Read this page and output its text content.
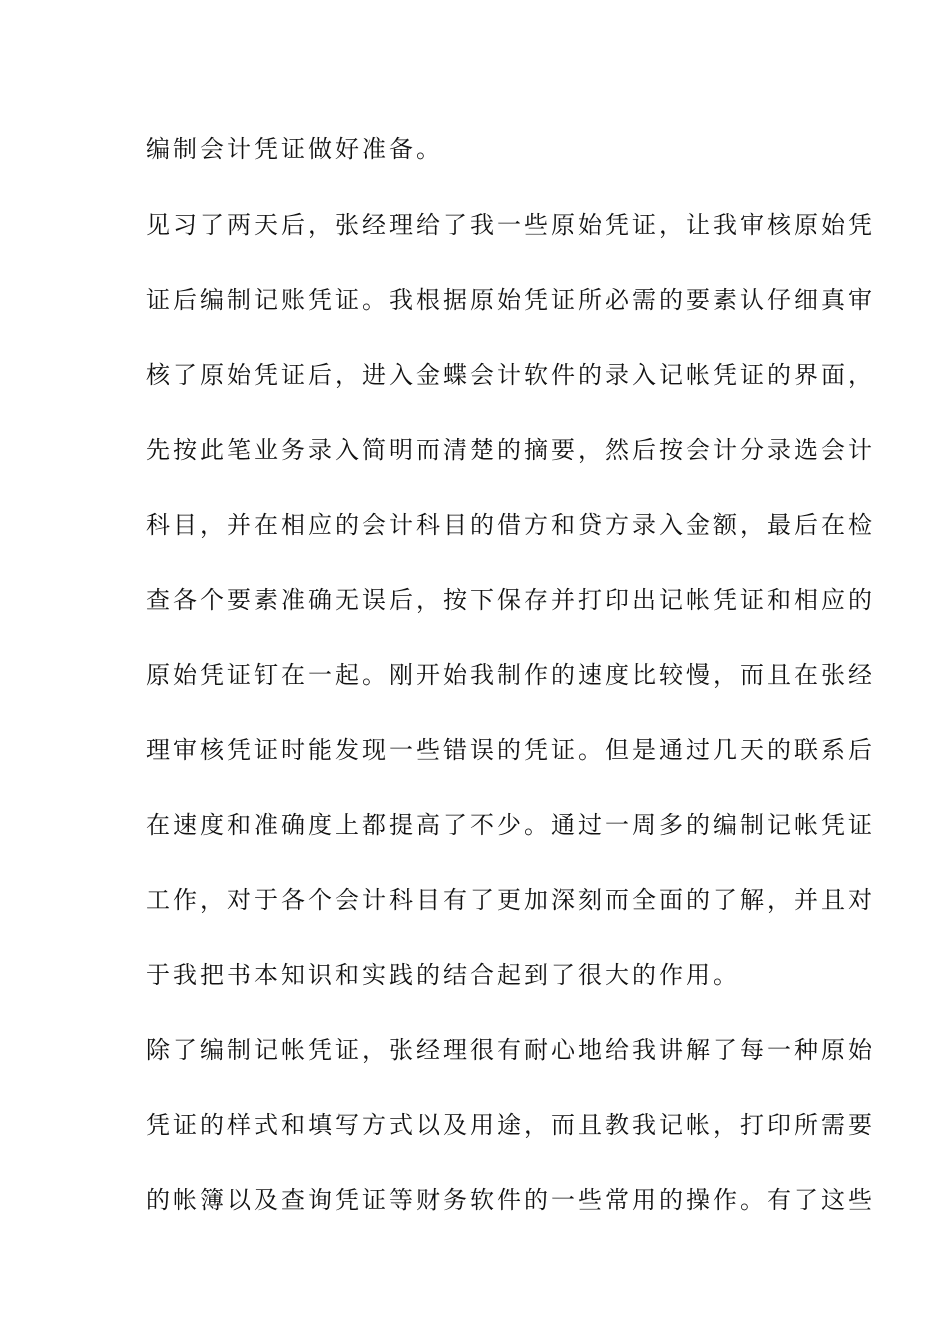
编制会计凭证做好准备。
见习了两天后，张经理给了我一些原始凭证，让我审核原始凭
证后编制记账凭证。我根据原始凭证所必需的要素认仔细真审
核了原始凭证后，进入金蝶会计软件的录入记帐凭证的界面，
先按此笔业务录入简明而清楚的摘要，然后按会计分录选会计
科目，并在相应的会计科目的借方和贷方录入金额，最后在检
查各个要素准确无误后，按下保存并打印出记帐凭证和相应的
原始凭证钉在一起。刚开始我制作的速度比较慢，而且在张经
理审核凭证时能发现一些错误的凭证。但是通过几天的联系后
在速度和准确度上都提高了不少。通过一周多的编制记帐凭证
工作，对于各个会计科目有了更加深刻而全面的了解，并且对
于我把书本知识和实践的结合起到了很大的作用。
除了编制记帐凭证，张经理很有耐心地给我讲解了每一种原始
凭证的样式和填写方式以及用途，而且教我记帐，打印所需要
的帐簿以及查询凭证等财务软件的一些常用的操作。有了这些
